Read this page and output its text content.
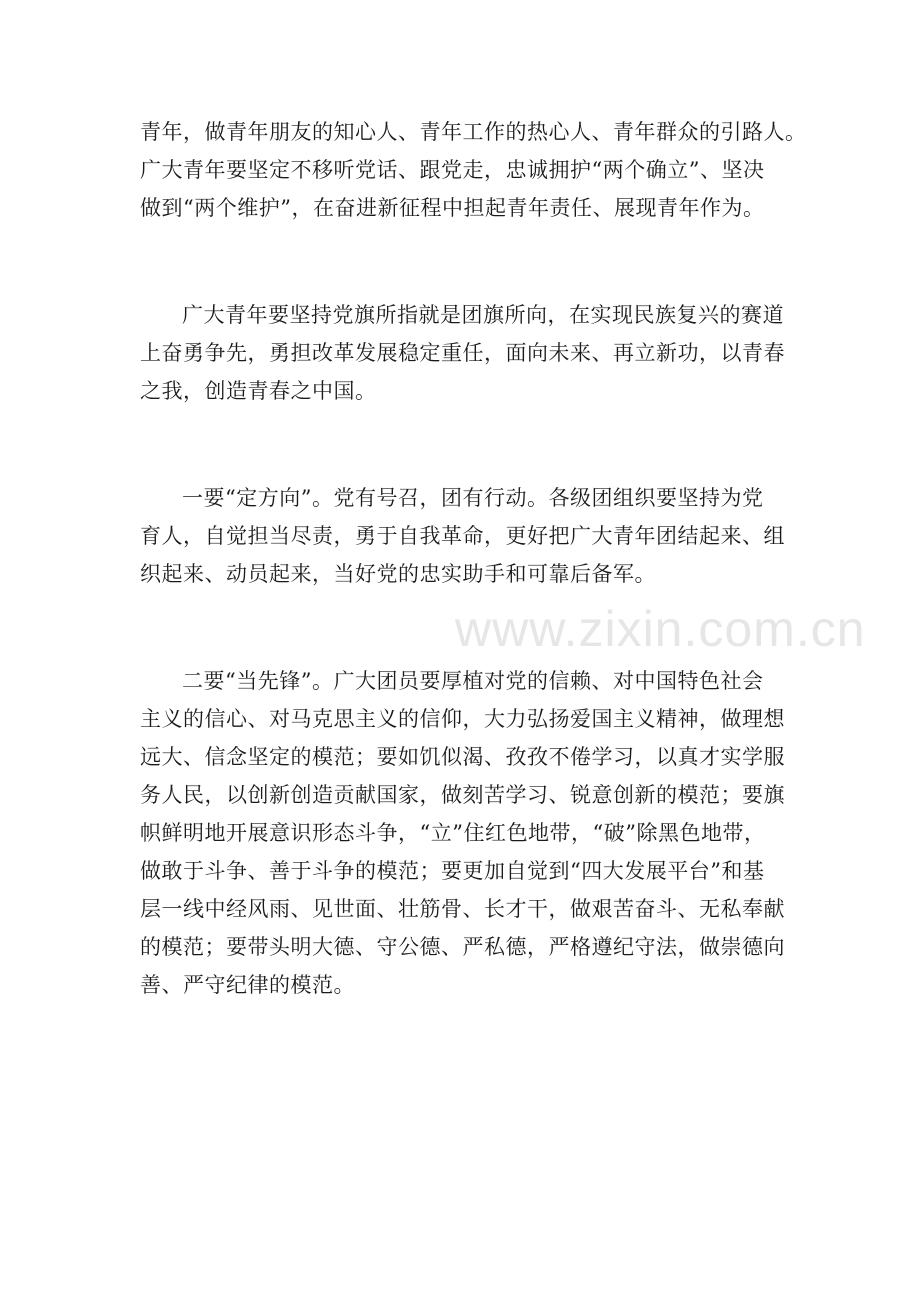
www.zixin.com.cn
青年，做青年朋友的知心人、青年工作的热心人、青年群众的引路人。
广大青年要坚定不移听党话、跟党走，忠诚拥护“两个确立”、坚决
做到“两个维护”，在奋进新征程中担起青年责任、展现青年作为。
广大青年要坚持党旗所指就是团旗所向，在实现民族复兴的赛道
上奋勇争先，勇担改革发展稳定重任，面向未来、再立新功，以青春
之我，创造青春之中国。
一要“定方向”。党有号召，团有行动。各级团组织要坚持为党
育人，自觉担当尽责，勇于自我革命，更好把广大青年团结起来、组
织起来、动员起来，当好党的忠实助手和可靠后备军。
二要“当先锋”。广大团员要厚植对党的信赖、对中国特色社会
主义的信心、对马克思主义的信仰，大力弘扬爱国主义精神，做理想
远大、信念坚定的模范；要如饥似渴、孜孜不倦学习，以真才实学服
务人民，以创新创造贡献国家，做刻苦学习、锐意创新的模范；要旗
帜鲜明地开展意识形态斗争，“立”住红色地带，“破”除黑色地带，
做敢于斗争、善于斗争的模范；要更加自觉到“四大发展平台”和基
层一线中经风雨、见世面、壮筋骨、长才干，做艰苦奋斗、无私奉献
的模范；要带头明大德、守公德、严私德，严格遵纪守法，做崇德向
善、严守纪律的模范。
